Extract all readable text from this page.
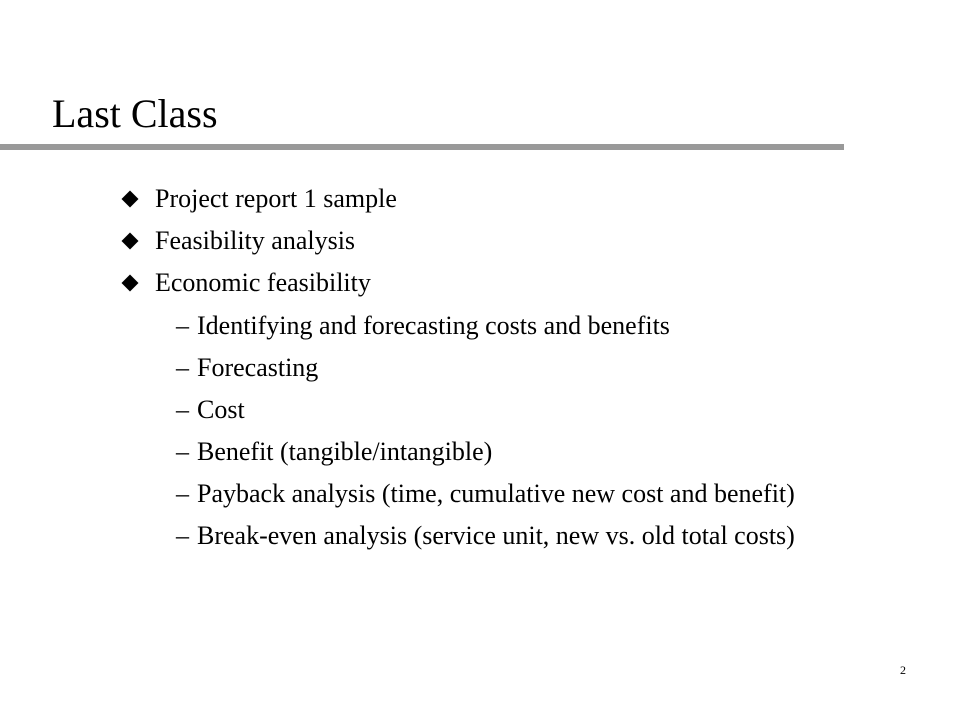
Last Class
Project report 1 sample
Feasibility analysis
Economic feasibility
– Identifying and forecasting costs and benefits
– Forecasting
– Cost
– Benefit (tangible/intangible)
– Payback analysis (time, cumulative new cost and benefit)
– Break-even analysis (service unit, new vs. old total costs)
2
